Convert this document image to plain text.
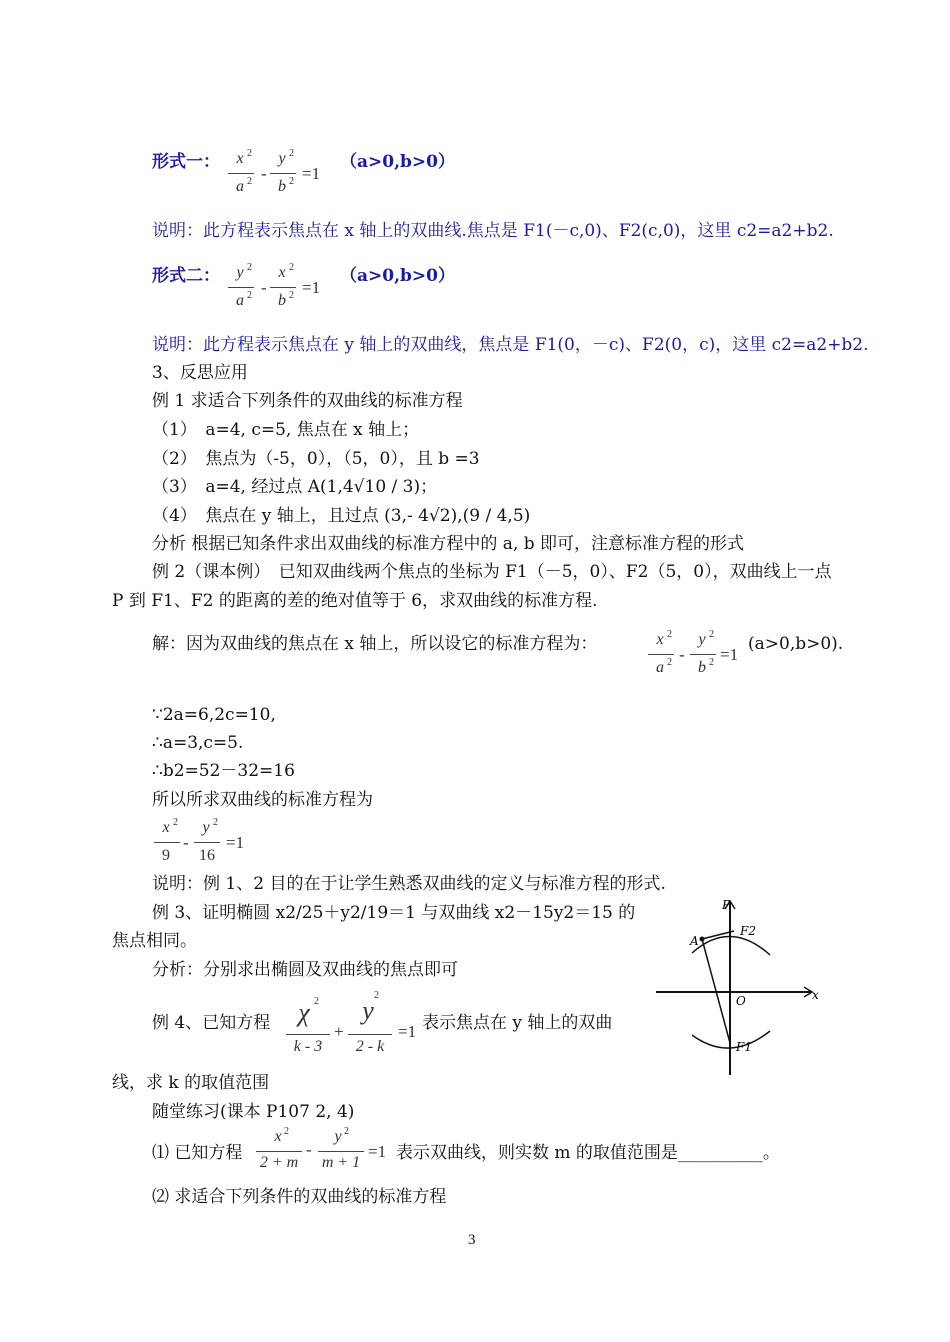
形式一：	x 2
a 2 -
y 2
b 2 =1
（a>0,b>0）
说明：此方程表示焦点在 x 轴上的双曲线.焦点是 F1(－c,0)、F2(c,0)，这里 c2=a2+b2.
形式二：	y 2
a 2 -
x 2
b 2 =1
（a>0,b>0）
说明：此方程表示焦点在 y 轴上的双曲线，焦点是 F1(0，－c)、F2(0，c)，这里 c2=a2+b2.
3、反思应用
例 1 求适合下列条件的双曲线的标准方程
（1）　a=4, c=5, 焦点在 x 轴上；
（2）　焦点为（-5，0），（5，0），且 b =3
（3）　a=4, 经过点 A(1,4√10 / 3)；
（4）　焦点在 y 轴上，且过点 (3,- 4√2),(9 / 4,5)
分析 根据已知条件求出双曲线的标准方程中的 a, b 即可，注意标准方程的形式
例 2（课本例）　已知双曲线两个焦点的坐标为 F1（－5，0）、F2（5，0），双曲线上一点
P 到 F1、F2 的距离的差的绝对值等于 6，求双曲线的标准方程.
解：因为双曲线的焦点在 x 轴上，所以设它的标准方程为：	x 2
a 2 -
y 2
b 2 =1
(a>0,b>0).
∵2a=6,2c=10,
∴a=3,c=5.
∴b2=52－32=16
所以所求双曲线的标准方程为
x 2
9
-
y 2
16
=1
说明：例 1、2 目的在于让学生熟悉双曲线的定义与标准方程的形式.
例 3、证明椭圆 x2/25＋y2/19＝1 与双曲线 x2－15y2＝15 的
焦点相同。
分析：分别求出椭圆及双曲线的焦点即可
例 4、已知方程 χ 2
k - 3
+
y
2
2 - k
=1 表示焦点在 y 轴上的双曲
线，求 k 的取值范围
P
F2
A
O	x
F1
随堂练习(课本 P107 2, 4)
⑴ 已知方程
x 2
2 + m
-
y 2
m + 1
=1 表示双曲线，则实数 m 的取值范围是__________。
⑵ 求适合下列条件的双曲线的标准方程
3
